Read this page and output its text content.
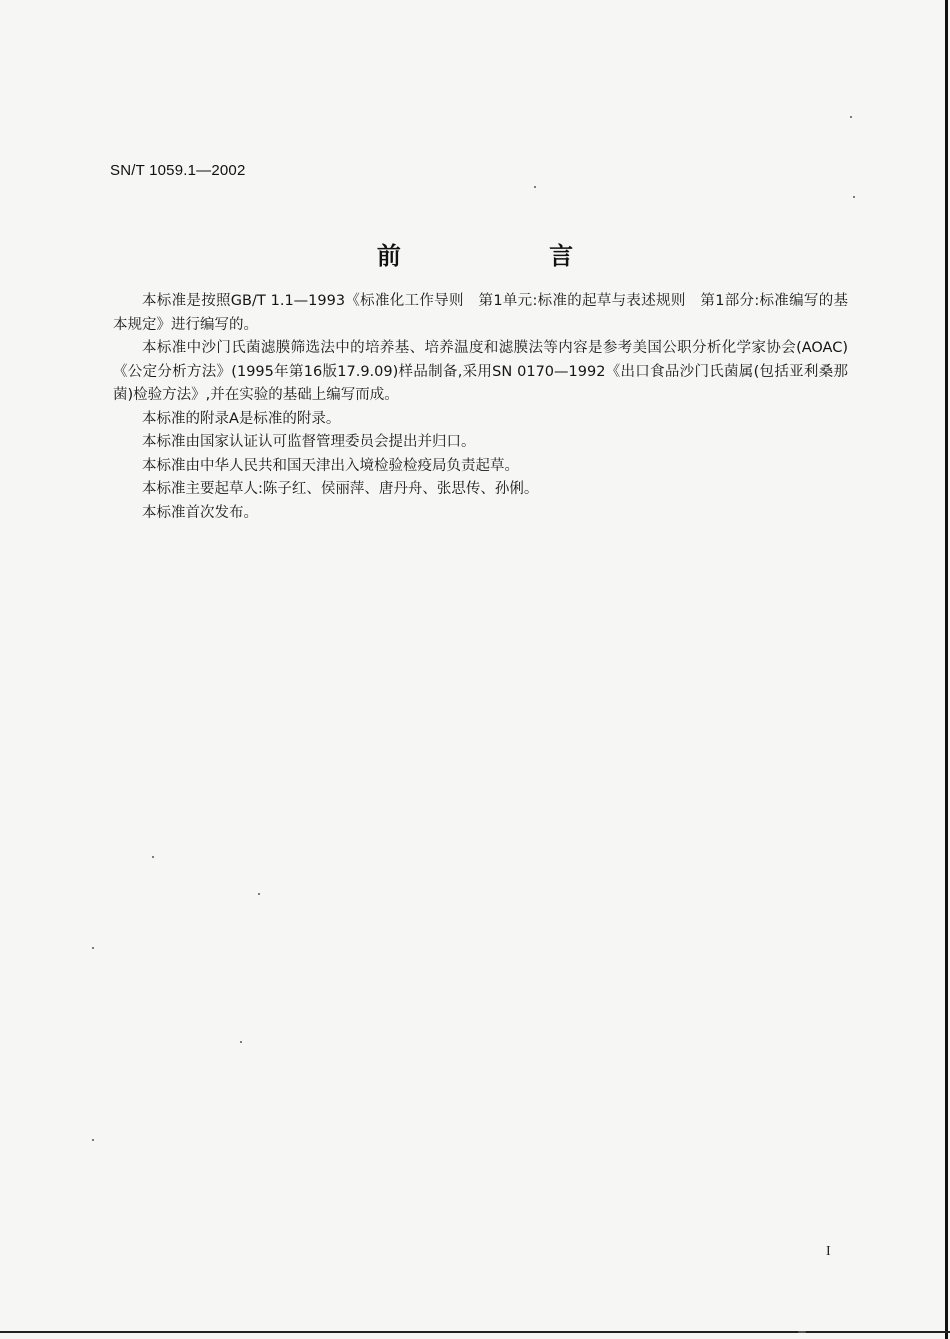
SN/T 1059.1—2002
前 言

本标准是按照GB/T 1.1—1993《标准化工作导则　第1单元:标准的起草与表述规则　第1部分:标准编写的基本规定》进行编写的。

本标准中沙门氏菌滤膜筛选法中的培养基、培养温度和滤膜法等内容是参考美国公职分析化学家协会(AOAC)《公定分析方法》(1995年第16版17.9.09)样品制备,采用SN 0170—1992《出口食品沙门氏菌属(包括亚利桑那菌)检验方法》,并在实验的基础上编写而成。

本标准的附录A是标准的附录。

本标准由国家认证认可监督管理委员会提出并归口。

本标准由中华人民共和国天津出入境检验检疫局负责起草。

本标准主要起草人:陈子红、侯丽萍、唐丹舟、张思传、孙俐。

本标准首次发布。

I
